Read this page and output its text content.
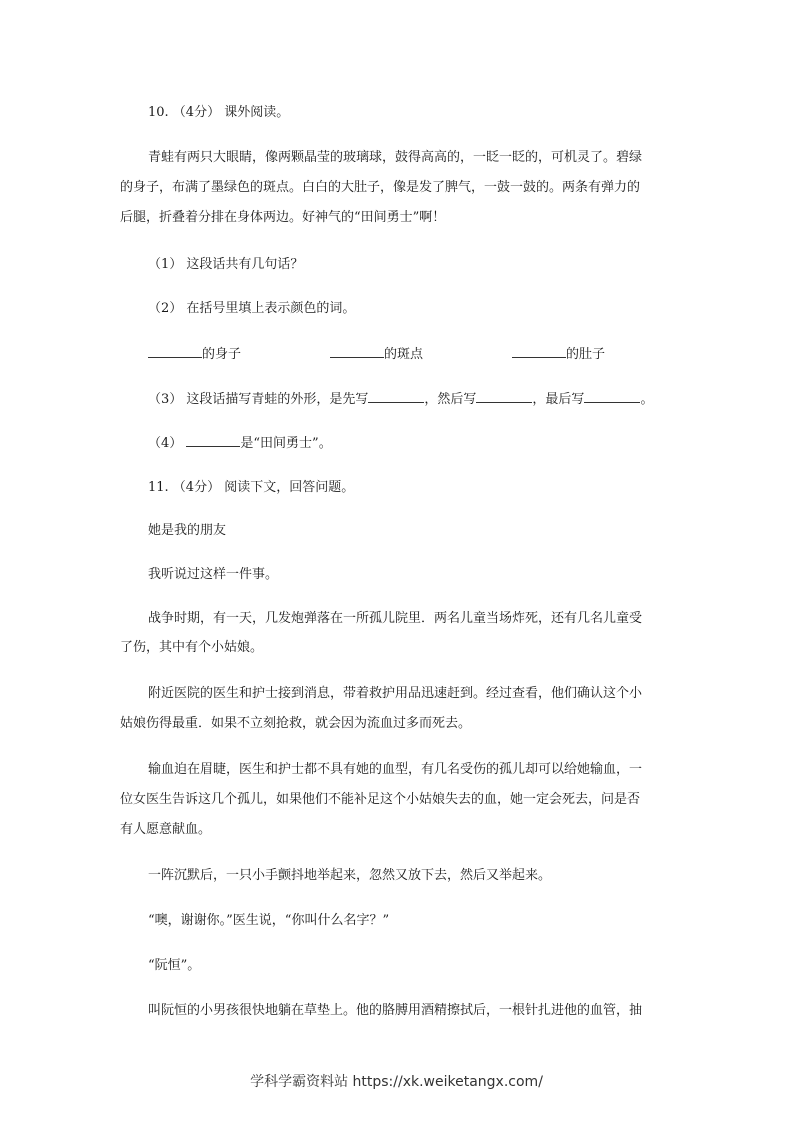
10. （4分） 课外阅读。
青蛙有两只大眼睛，像两颗晶莹的玻璃球，鼓得高高的，一眨一眨的，可机灵了。碧绿
的身子，布满了墨绿色的斑点。白白的大肚子，像是发了脾气，一鼓一鼓的。两条有弹力的
后腿，折叠着分排在身体两边。好神气的“田间勇士”啊！
（1） 这段话共有几句话？
（2） 在括号里填上表示颜色的词。
的身子	的斑点	的肚子
（3） 这段话描写青蛙的外形，是先写	，然后写	，最后写	。
（4）	是“田间勇士”。
11. （4分） 阅读下文，回答问题。
她是我的朋友
我听说过这样一件事。
战争时期，有一天，几发炮弹落在一所孤儿院里．两名儿童当场炸死，还有几名儿童受
了伤，其中有个小姑娘。
附近医院的医生和护士接到消息，带着救护用品迅速赶到。经过查看，他们确认这个小
姑娘伤得最重．如果不立刻抢救，就会因为流血过多而死去。
输血迫在眉睫，医生和护士都不具有她的血型，有几名受伤的孤儿却可以给她输血，一
位女医生告诉这几个孤儿，如果他们不能补足这个小姑娘失去的血，她一定会死去，问是否
有人愿意献血。
一阵沉默后，一只小手颤抖地举起来，忽然又放下去，然后又举起来。
“噢，谢谢你。”医生说，“你叫什么名字？”
“阮恒”。
叫阮恒的小男孩很快地躺在草垫上。他的胳膊用酒精擦拭后，一根针扎进他的血管，抽
学科学霸资料站 https://xk.weiketangx.com/
